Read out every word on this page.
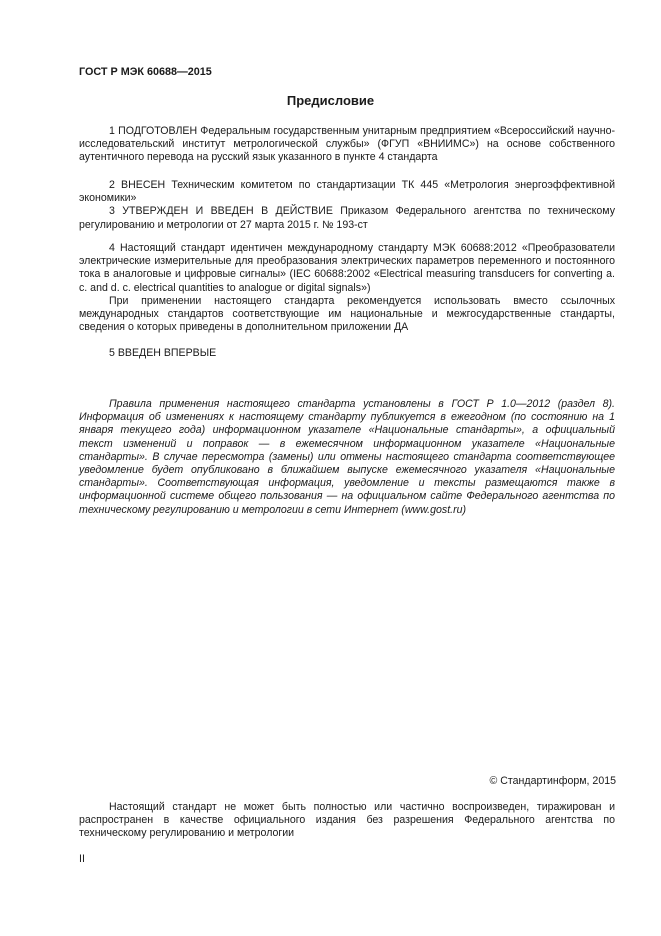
ГОСТ Р МЭК 60688—2015
Предисловие

1 ПОДГОТОВЛЕН Федеральным государственным унитарным предприятием «Всероссийский научно-исследовательский институт метрологической службы» (ФГУП «ВНИИМС») на основе собственного аутентичного перевода на русский язык указанного в пункте 4 стандарта

2 ВНЕСЕН Техническим комитетом по стандартизации ТК 445 «Метрология энергоэффективной экономики»

3 УТВЕРЖДЕН И ВВЕДЕН В ДЕЙСТВИЕ Приказом Федерального агентства по техническому регулированию и метрологии от 27 марта 2015 г. № 193-ст

4 Настоящий стандарт идентичен международному стандарту МЭК 60688:2012 «Преобразователи электрические измерительные для преобразования электрических параметров переменного и постоянного тока в аналоговые и цифровые сигналы» (IEC 60688:2002 «Electrical measuring transducers for converting a. c. and d. c. electrical quantities to analogue or digital signals»)

При применении настоящего стандарта рекомендуется использовать вместо ссылочных международных стандартов соответствующие им национальные и межгосударственные стандарты, сведения о которых приведены в дополнительном приложении ДА

5 ВВЕДЕН ВПЕРВЫЕ

Правила применения настоящего стандарта установлены в ГОСТ Р 1.0—2012 (раздел 8). Информация об изменениях к настоящему стандарту публикуется в ежегодном (по состоянию на 1 января текущего года) информационном указателе «Национальные стандарты», а официальный текст изменений и поправок — в ежемесячном информационном указателе «Национальные стандарты». В случае пересмотра (замены) или отмены настоящего стандарта соответствующее уведомление будет опубликовано в ближайшем выпуске ежемесячного указателя «Национальные стандарты». Соответствующая информация, уведомление и тексты размещаются также в информационной системе общего пользования — на официальном сайте Федерального агентства по техническому регулированию и метрологии в сети Интернет (www.gost.ru)

© Стандартинформ, 2015

Настоящий стандарт не может быть полностью или частично воспроизведен, тиражирован и распространен в качестве официального издания без разрешения Федерального агентства по техническому регулированию и метрологии

II
